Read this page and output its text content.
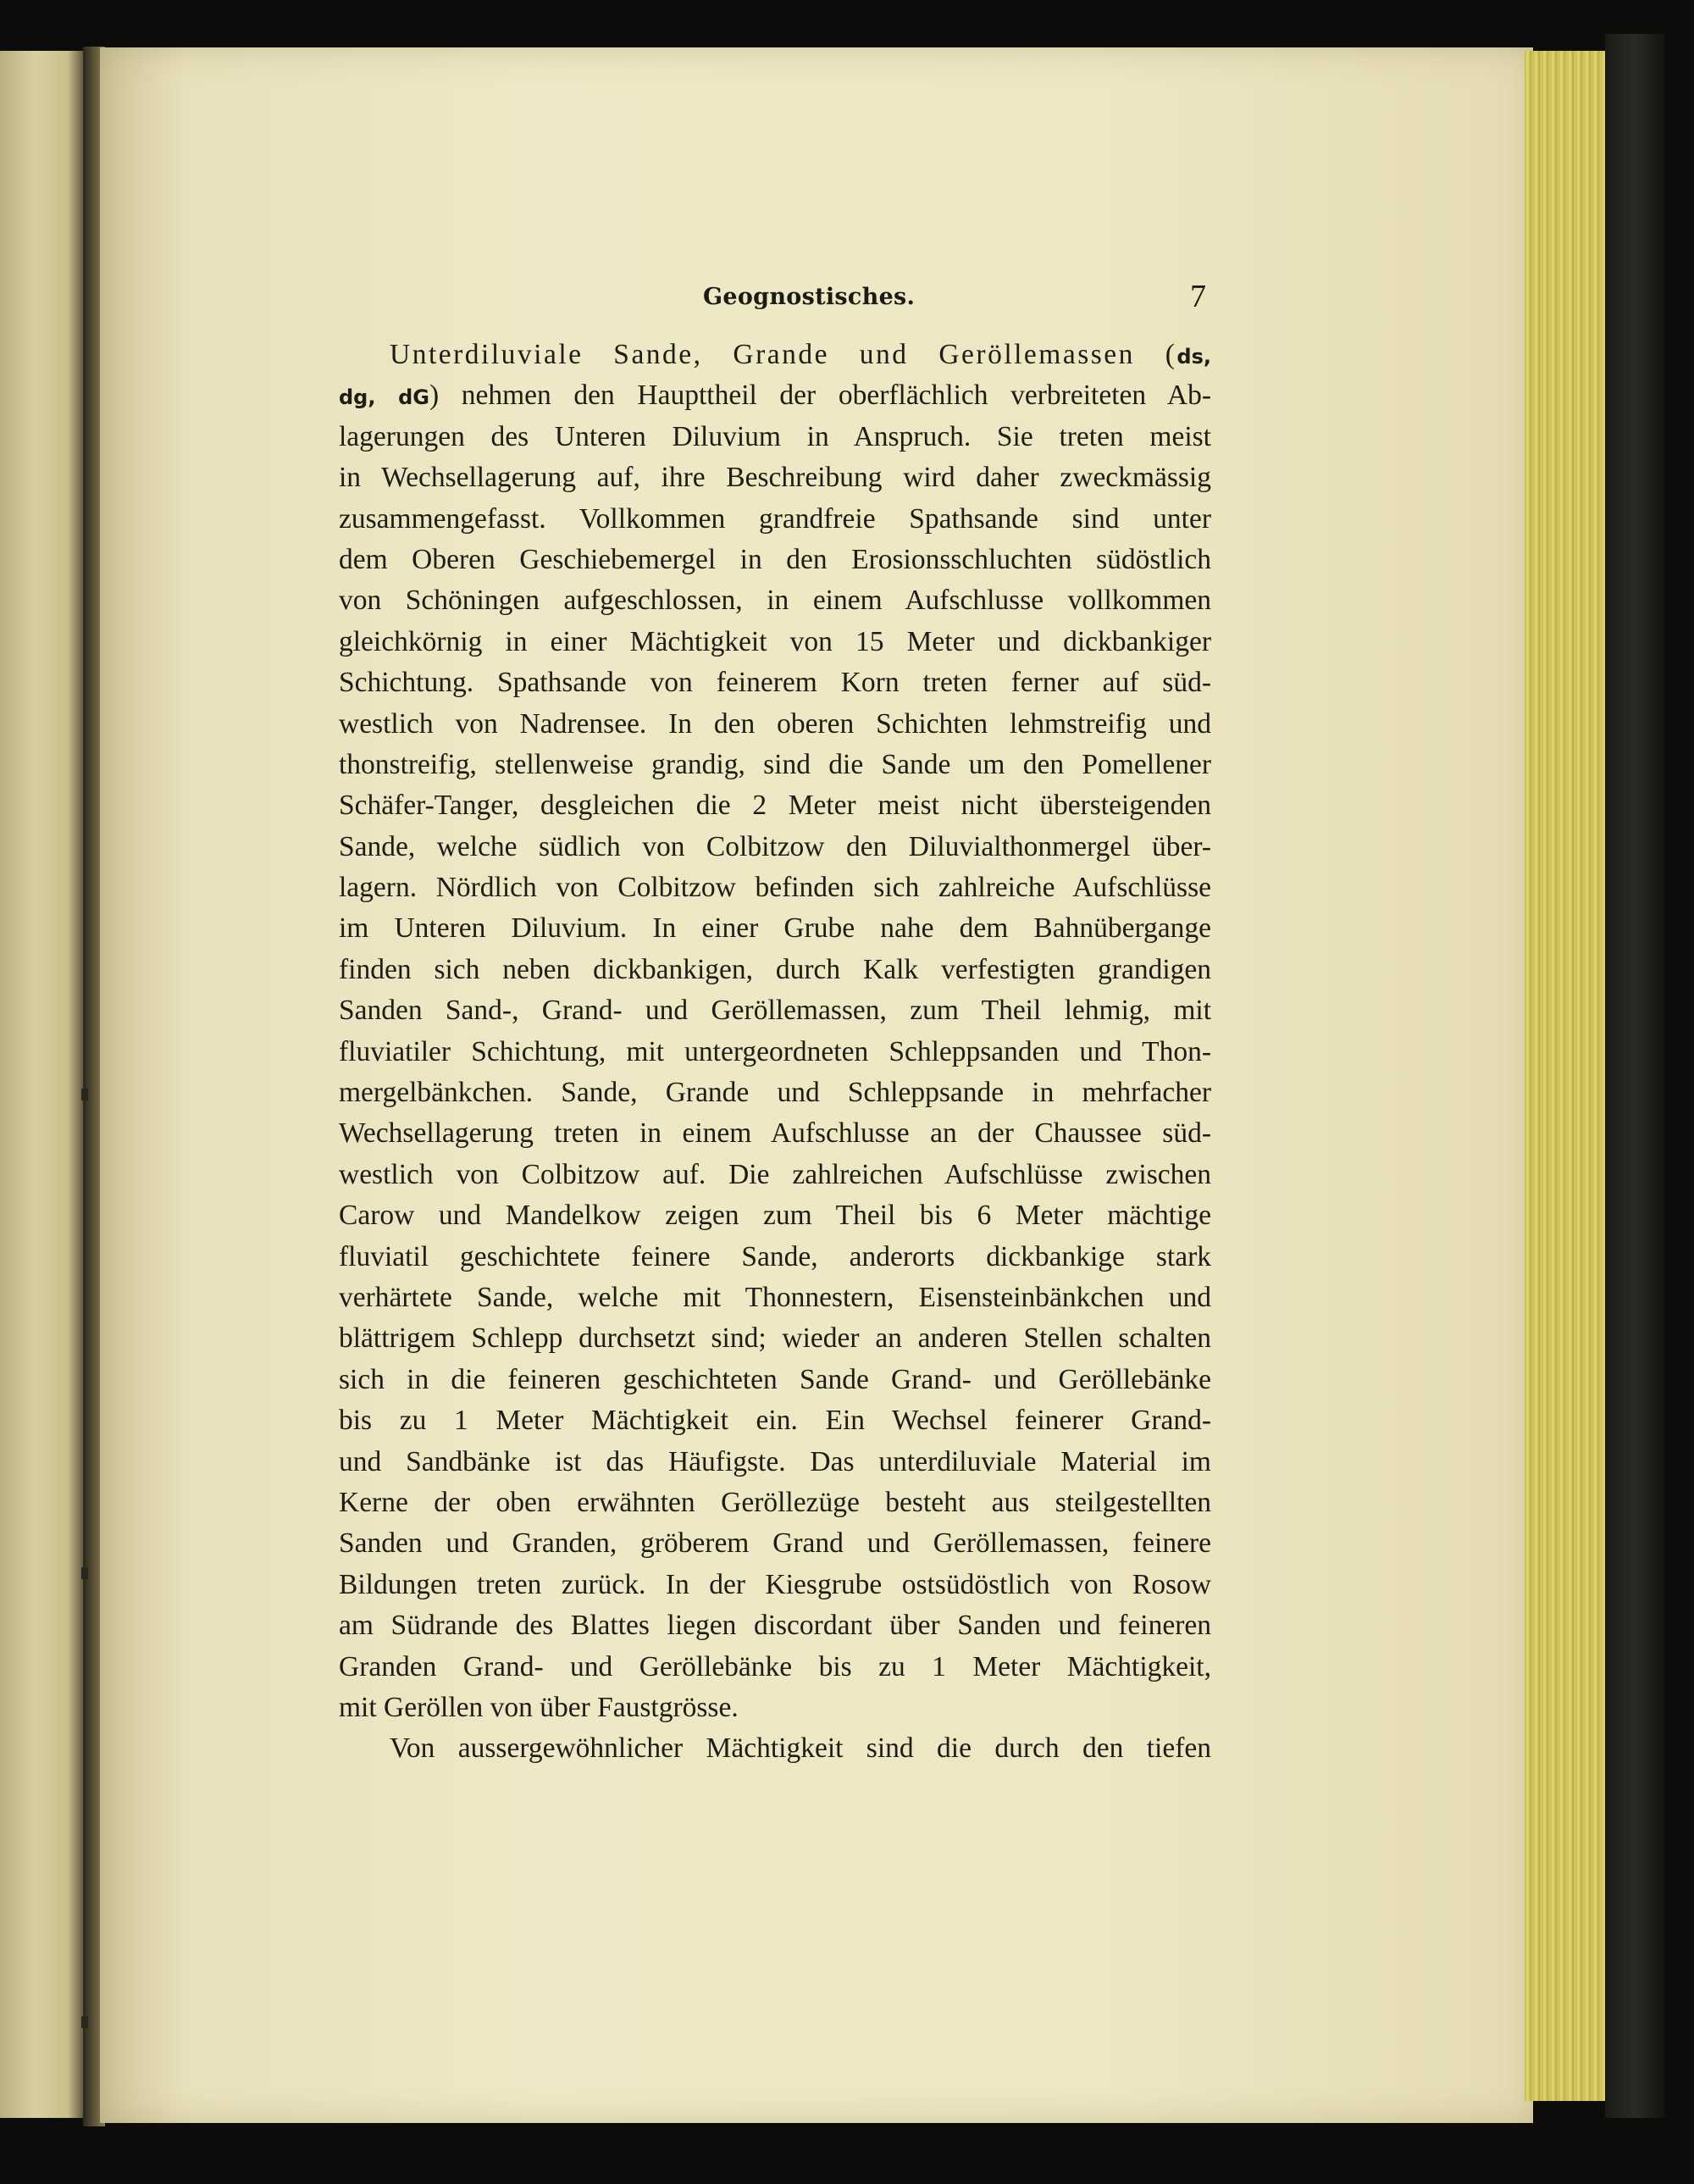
Geognostisches.	7
Unterdiluviale Sande, Grande und Geröllemassen (ds,
dg, dG) nehmen den Haupttheil der oberflächlich verbreiteten Ab-
lagerungen des Unteren Diluvium in Anspruch. Sie treten meist
in Wechsellagerung auf, ihre Beschreibung wird daher zweckmässig
zusammengefasst. Vollkommen grandfreie Spathsande sind unter
dem Oberen Geschiebemergel in den Erosionsschluchten südöstlich
von Schöningen aufgeschlossen, in einem Aufschlusse vollkommen
gleichkörnig in einer Mächtigkeit von 15 Meter und dickbankiger
Schichtung. Spathsande von feinerem Korn treten ferner auf süd-
westlich von Nadrensee. In den oberen Schichten lehmstreifig und
thonstreifig, stellenweise grandig, sind die Sande um den Pomellener
Schäfer-Tanger, desgleichen die 2 Meter meist nicht übersteigenden
Sande, welche südlich von Colbitzow den Diluvialthonmergel über-
lagern. Nördlich von Colbitzow befinden sich zahlreiche Aufschlüsse
im Unteren Diluvium. In einer Grube nahe dem Bahnübergange
finden sich neben dickbankigen, durch Kalk verfestigten grandigen
Sanden Sand-, Grand- und Geröllemassen, zum Theil lehmig, mit
fluviatiler Schichtung, mit untergeordneten Schleppsanden und Thon-
mergelbänkchen. Sande, Grande und Schleppsande in mehrfacher
Wechsellagerung treten in einem Aufschlusse an der Chaussee süd-
westlich von Colbitzow auf. Die zahlreichen Aufschlüsse zwischen
Carow und Mandelkow zeigen zum Theil bis 6 Meter mächtige
fluviatil geschichtete feinere Sande, anderorts dickbankige stark
verhärtete Sande, welche mit Thonnestern, Eisensteinbänkchen und
blättrigem Schlepp durchsetzt sind; wieder an anderen Stellen schalten
sich in die feineren geschichteten Sande Grand- und Geröllebänke
bis zu 1 Meter Mächtigkeit ein. Ein Wechsel feinerer Grand-
und Sandbänke ist das Häufigste. Das unterdiluviale Material im
Kerne der oben erwähnten Geröllezüge besteht aus steilgestellten
Sanden und Granden, gröberem Grand und Geröllemassen, feinere
Bildungen treten zurück. In der Kiesgrube ostsüdöstlich von Rosow
am Südrande des Blattes liegen discordant über Sanden und feineren
Granden Grand- und Geröllebänke bis zu 1 Meter Mächtigkeit,
mit Geröllen von über Faustgrösse.
Von aussergewöhnlicher Mächtigkeit sind die durch den tiefen
